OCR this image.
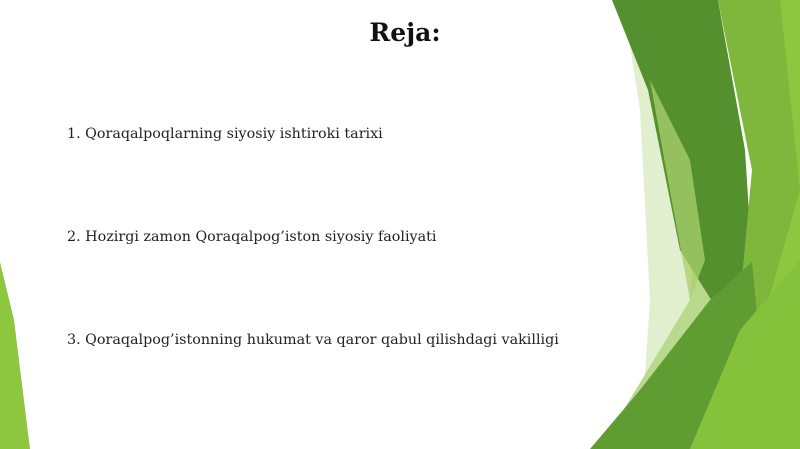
Reja:

1. Qoraqalpoqlarning siyosiy ishtiroki tarixi

2. Hozirgi zamon Qoraqalpog’iston siyosiy faoliyati

3. Qoraqalpog’istonning hukumat va qaror qabul qilishdagi vakilligi
